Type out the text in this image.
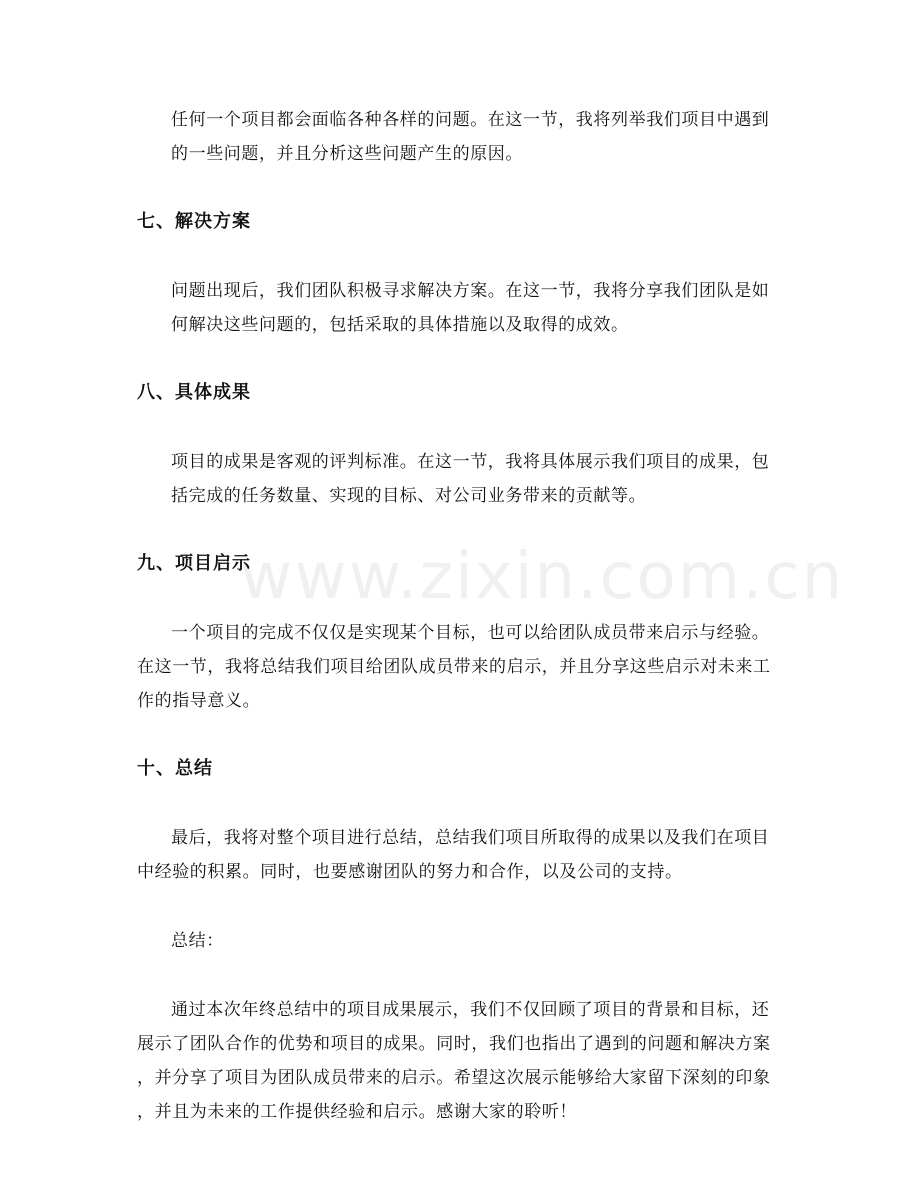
www.zixin.com.cn

任何一个项目都会面临各种各样的问题。在这一节，我将列举我们项目中遇到
的一些问题，并且分析这些问题产生的原因。

七、解决方案

问题出现后，我们团队积极寻求解决方案。在这一节，我将分享我们团队是如
何解决这些问题的，包括采取的具体措施以及取得的成效。

八、具体成果

项目的成果是客观的评判标准。在这一节，我将具体展示我们项目的成果，包
括完成的任务数量、实现的目标、对公司业务带来的贡献等。

九、项目启示

一个项目的完成不仅仅是实现某个目标，也可以给团队成员带来启示与经验。
在这一节，我将总结我们项目给团队成员带来的启示，并且分享这些启示对未来工
作的指导意义。

十、总结

最后，我将对整个项目进行总结，总结我们项目所取得的成果以及我们在项目
中经验的积累。同时，也要感谢团队的努力和合作，以及公司的支持。

总结：

通过本次年终总结中的项目成果展示，我们不仅回顾了项目的背景和目标，还
展示了团队合作的优势和项目的成果。同时，我们也指出了遇到的问题和解决方案
，并分享了项目为团队成员带来的启示。希望这次展示能够给大家留下深刻的印象
，并且为未来的工作提供经验和启示。感谢大家的聆听！
